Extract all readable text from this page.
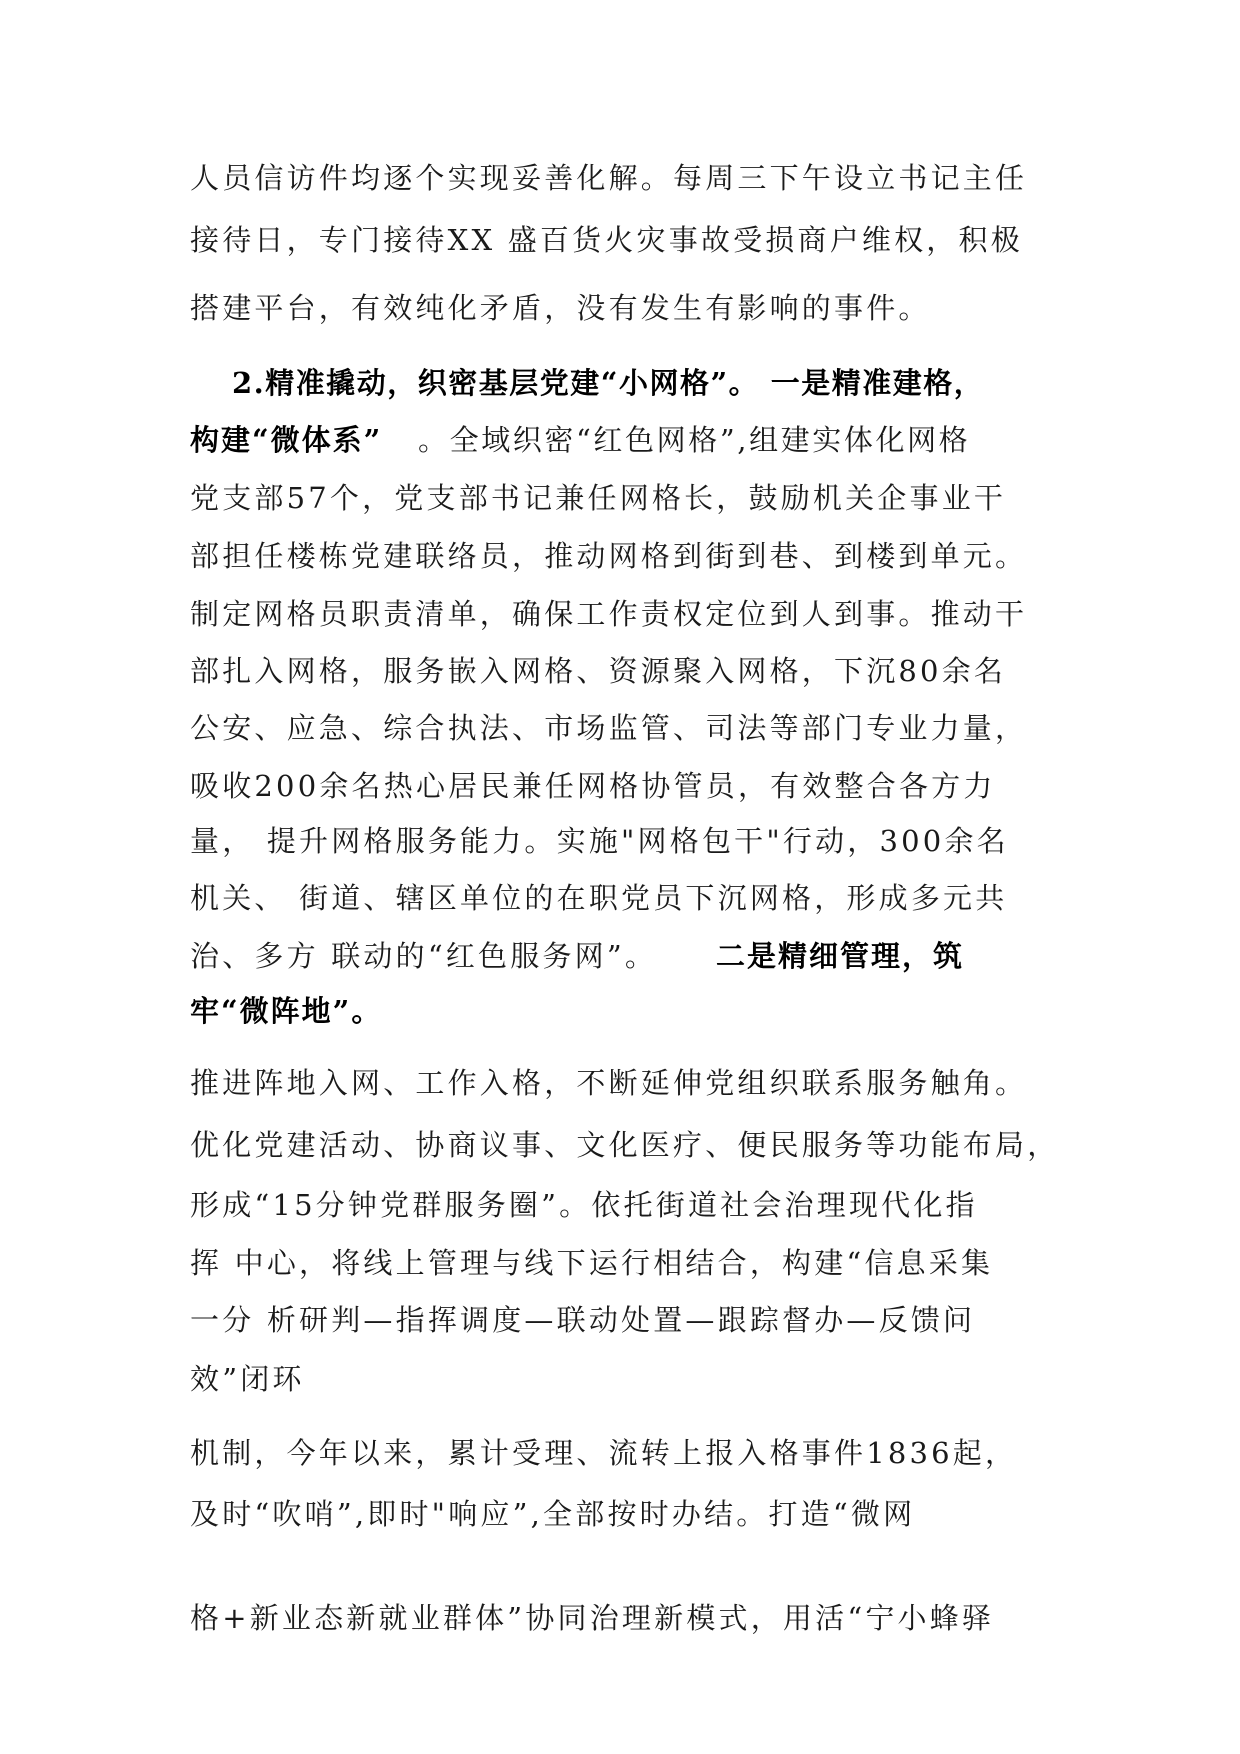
人员信访件均逐个实现妥善化解。每周三下午设立书记主任
接待日，专门接待XX 盛百货火灾事故受损商户维权，积极
搭建平台，有效纯化矛盾，没有发生有影响的事件。
2.精准撬动，织密基层党建“小网格”。 一是精准建格，
构建“微体系” 。全域织密“红色网格”,组建实体化网格
党支部57个，党支部书记兼任网格长，鼓励机关企事业干
部担任楼栋党建联络员，推动网格到街到巷、到楼到单元。
制定网格员职责清单，确保工作责权定位到人到事。推动干
部扎入网格，服务嵌入网格、资源聚入网格，下沉80余名
公安、应急、综合执法、市场监管、司法等部门专业力量，
吸收200余名热心居民兼任网格协管员，有效整合各方力
量， 提升网格服务能力。实施"网格包干"行动，300余名
机关、 街道、辖区单位的在职党员下沉网格，形成多元共
治、多方 联动的“红色服务网”。 二是精细管理，筑
牢“微阵地”。
推进阵地入网、工作入格，不断延伸党组织联系服务触角。
优化党建活动、协商议事、文化医疗、便民服务等功能布局，
形成“15分钟党群服务圈”。依托街道社会治理现代化指
挥 中心，将线上管理与线下运行相结合，构建“信息采集
一分 析研判—指挥调度—联动处置—跟踪督办—反馈问
效”闭环
机制，今年以来，累计受理、流转上报入格事件1836起，
及时“吹哨”,即时"响应”,全部按时办结。打造“微网
格+新业态新就业群体”协同治理新模式，用活“宁小蜂驿
